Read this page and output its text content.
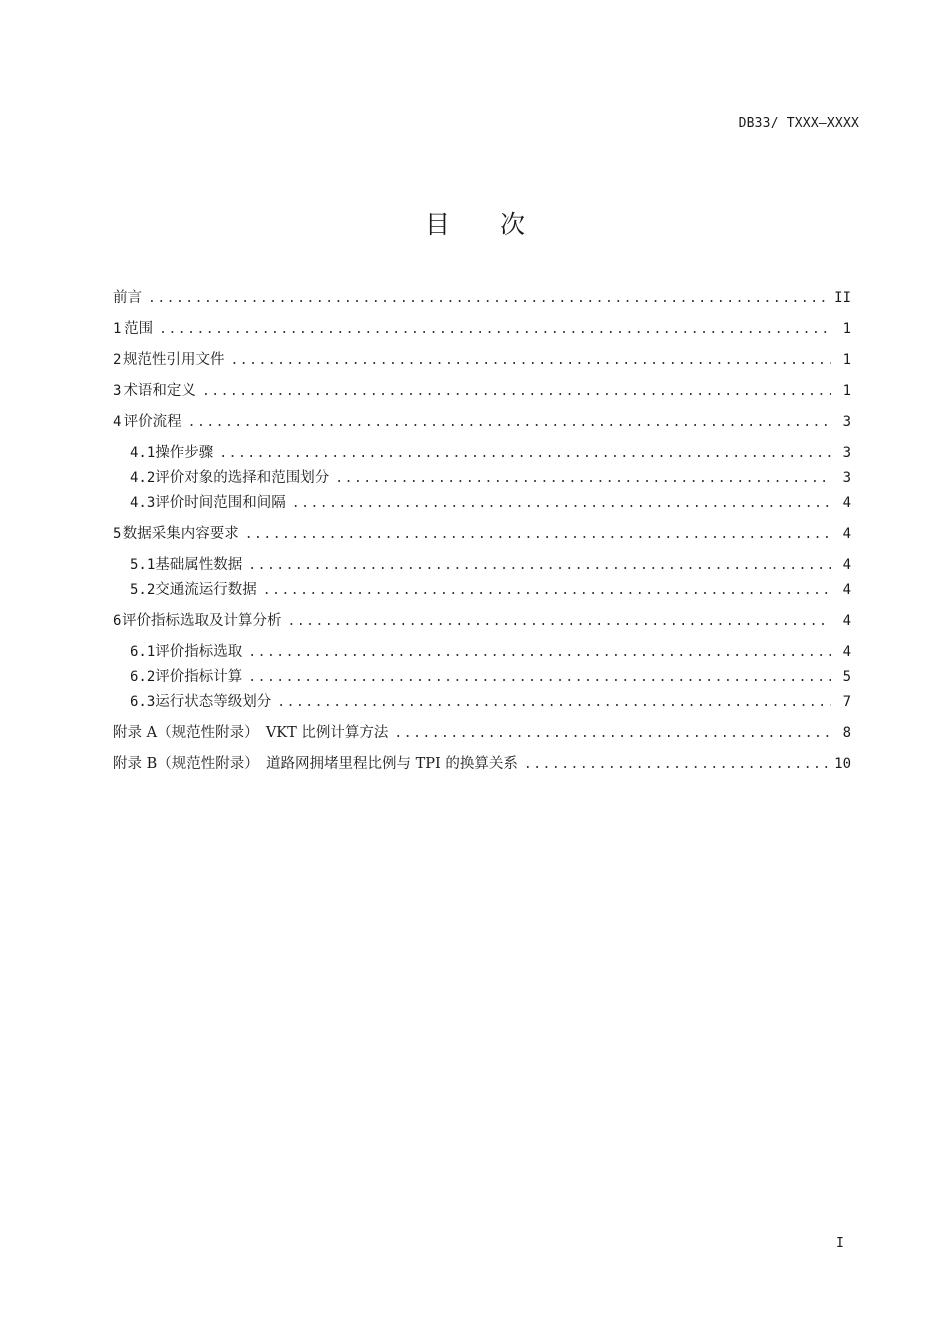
DB33/ TXXX—XXXX
目次
前言 .....	II
1 范围 .....	1
2 规范性引用文件 .....	1
3 术语和定义 .....	1
4 评价流程 .....	3
4.1 操作步骤 .....	3
4.2 评价对象的选择和范围划分 .....	3
4.3 评价时间范围和间隔 .....	4
5 数据采集内容要求 .....	4
5.1 基础属性数据 .....	4
5.2 交通流运行数据 .....	4
6 评价指标选取及计算分析 .....	4
6.1 评价指标选取 .....	4
6.2 评价指标计算 .....	5
6.3 运行状态等级划分 .....	7
附录 A（规范性附录）　VKT 比例计算方法 .....	8
附录 B（规范性附录）　道路网拥堵里程比例与 TPI 的换算关系 .....	10
I
